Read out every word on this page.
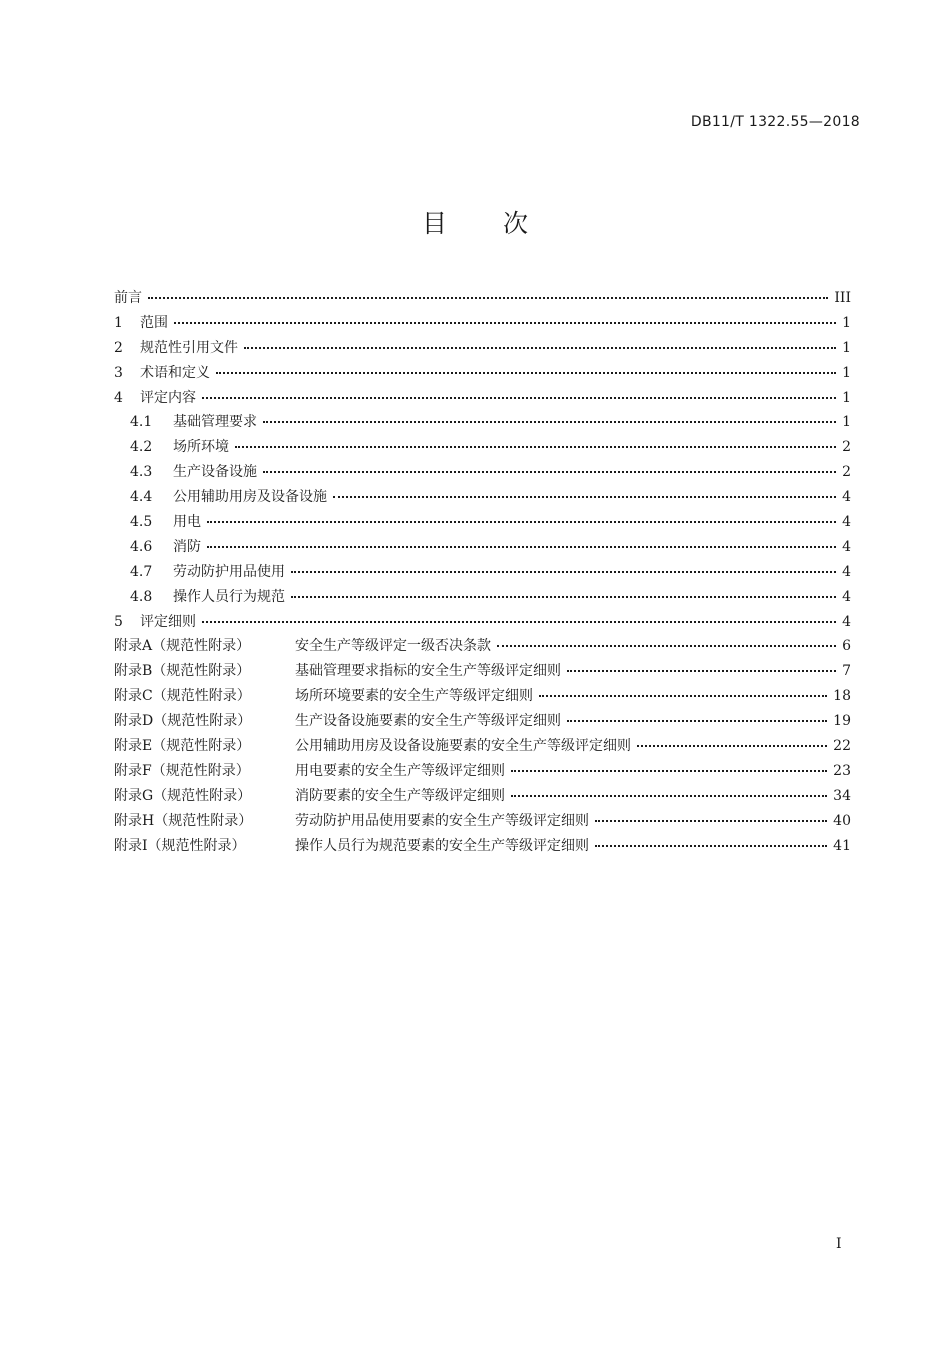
DB11/T 1322.55—2018
目 次
前言	III
1	范围	1
2	规范性引用文件	1
3	术语和定义	1
4	评定内容	1
4.1	基础管理要求	1
4.2	场所环境	2
4.3	生产设备设施	2
4.4	公用辅助用房及设备设施	4
4.5	用电	4
4.6	消防	4
4.7	劳动防护用品使用	4
4.8	操作人员行为规范	4
5	评定细则	4
附录A（规范性附录）	安全生产等级评定一级否决条款	6
附录B（规范性附录）	基础管理要求指标的安全生产等级评定细则	7
附录C（规范性附录）	场所环境要素的安全生产等级评定细则	18
附录D（规范性附录）	生产设备设施要素的安全生产等级评定细则	19
附录E（规范性附录）	公用辅助用房及设备设施要素的安全生产等级评定细则	22
附录F（规范性附录）	用电要素的安全生产等级评定细则	23
附录G（规范性附录）	消防要素的安全生产等级评定细则	34
附录H（规范性附录）	劳动防护用品使用要素的安全生产等级评定细则	40
附录I（规范性附录）	操作人员行为规范要素的安全生产等级评定细则	41
I
